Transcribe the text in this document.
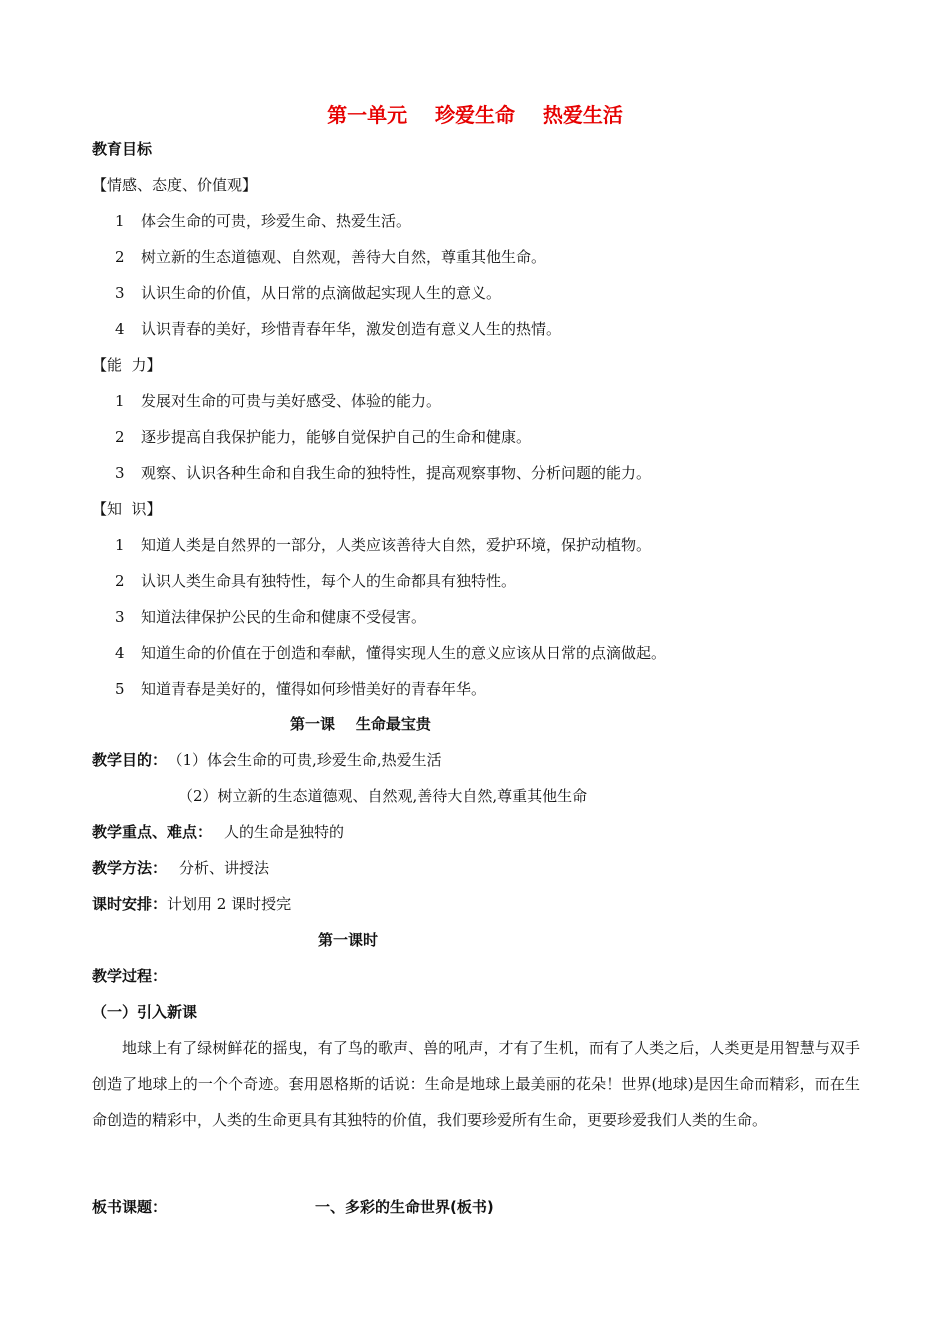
第一单元    珍爱生命    热爱生活
教育目标
【情感、态度、价值观】
1 体会生命的可贵，珍爱生命、热爱生活。
2 树立新的生态道德观、自然观，善待大自然，尊重其他生命。
3 认识生命的价值，从日常的点滴做起实现人生的意义。
4 认识青春的美好，珍惜青春年华，激发创造有意义人生的热情。
【能  力】
1 发展对生命的可贵与美好感受、体验的能力。
2 逐步提高自我保护能力，能够自觉保护自己的生命和健康。
3 观察、认识各种生命和自我生命的独特性，提高观察事物、分析问题的能力。
【知  识】
1 知道人类是自然界的一部分，人类应该善待大自然，爱护环境，保护动植物。
2 认识人类生命具有独特性，每个人的生命都具有独特性。
3 知道法律保护公民的生命和健康不受侵害。
4 知道生命的价值在于创造和奉献，懂得实现人生的意义应该从日常的点滴做起。
5 知道青春是美好的，懂得如何珍惜美好的青春年华。
第一课    生命最宝贵
教学目的： （1）体会生命的可贵,珍爱生命,热爱生活
（2）树立新的生态道德观、自然观,善待大自然,尊重其他生命
教学重点、难点： 人的生命是独特的
教学方法： 分析、讲授法
课时安排：计划用 2 课时授完
第一课时
教学过程：
（一）引入新课
地球上有了绿树鲜花的摇曳，有了鸟的歌声、兽的吼声，才有了生机，而有了人类之后，人类更是用智慧与双手创造了地球上的一个个奇迹。套用恩格斯的话说：生命是地球上最美丽的花朵！世界(地球)是因生命而精彩，而在生命创造的精彩中，人类的生命更具有其独特的价值，我们要珍爱所有生命，更要珍爱我们人类的生命。
板书课题：	一、多彩的生命世界(板书)
